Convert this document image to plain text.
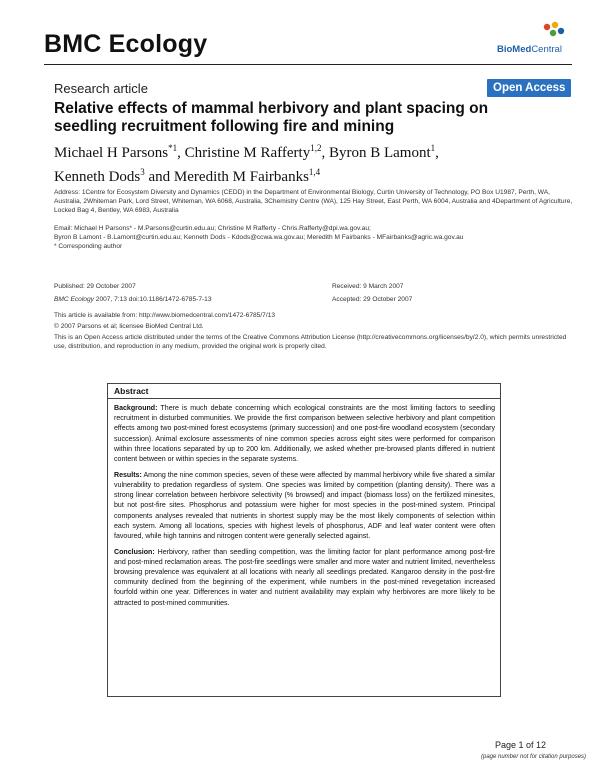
BMC Ecology	BioMedCentral
Research article	Open Access
Relative effects of mammal herbivory and plant spacing on seedling recruitment following fire and mining
Michael H Parsons$^{*1}$, Christine M Rafferty$^{1,2}$, Byron B Lamont$^1$,
Kenneth Dods$^3$ and Meredith M Fairbanks$^{1,4}$
Address: 1Centre for Ecosystem Diversity and Dynamics (CEDD) in the Department of Environmental Biology, Curtin University of Technology, PO Box U1987, Perth, WA, Australia, 2Whiteman Park, Lord Street, Whiteman, WA 6068, Australia, 3Chemistry Centre (WA), 125 Hay Street, East Perth, WA 6004, Australia and 4Department of Agriculture, Locked Bag 4, Bentley, WA 6983, Australia
Email: Michael H Parsons* - M.Parsons@curtin.edu.au; Christine M Rafferty - Chris.Rafferty@dpi.wa.gov.au;
Byron B Lamont - B.Lamont@curtin.edu.au; Kenneth Dods - Kdods@ccwa.wa.gov.au; Meredith M Fairbanks - MFairbanks@agric.wa.gov.au
* Corresponding author
Published: 29 October 2007
BMC Ecology 2007, 7:13 doi:10.1186/1472-6785-7-13
Received: 9 March 2007
Accepted: 29 October 2007
This article is available from: http://www.biomedcentral.com/1472-6785/7/13
© 2007 Parsons et al; licensee BioMed Central Ltd.
This is an Open Access article distributed under the terms of the Creative Commons Attribution License (http://creativecommons.org/licenses/by/2.0), which permits unrestricted use, distribution, and reproduction in any medium, provided the original work is properly cited.
Abstract

Background: There is much debate concerning which ecological constraints are the most limiting factors to seedling recruitment in disturbed communities. We provide the first comparison between selective herbivory and plant competition effects among two post-mined forest ecosystems (primary succession) and one post-fire woodland ecosystem (secondary succession). Animal exclosure assessments of nine common species across eight sites were performed for comparison within three locations separated by up to 200 km. Additionally, we asked whether pre-browsed plants differed in nutrient content between or within species in the separate systems.

Results: Among the nine common species, seven of these were affected by mammal herbivory while five shared a similar vulnerability to predation regardless of system. One species was limited by competition (planting density). There was a strong linear correlation between herbivore selectivity (% browsed) and impact (biomass loss) on the fertilized minesites, but not post-fire sites. Phosphorus and potassium were higher for most species in the post-mined system. Principal components analyses revealed that nutrients in shortest supply may be the most likely components of selection within each system. Among all locations, species with highest levels of phosphorus, ADF and leaf water content were often favoured, while high tannins and nitrogen content were generally selected against.

Conclusion: Herbivory, rather than seedling competition, was the limiting factor for plant performance among post-fire and post-mined reclamation areas. The post-fire seedlings were smaller and more water and nutrient limited, nevertheless browsing prevalence was equivalent at all locations with nearly all seedlings predated. Kangaroo density in the post-fire community declined from the beginning of the experiment, while numbers in the post-mined revegetation increased fourfold within one year. Differences in water and nutrient availability may explain why herbivores are more likely to be attracted to post-mined communities.

Page 1 of 12
(page number not for citation purposes)
